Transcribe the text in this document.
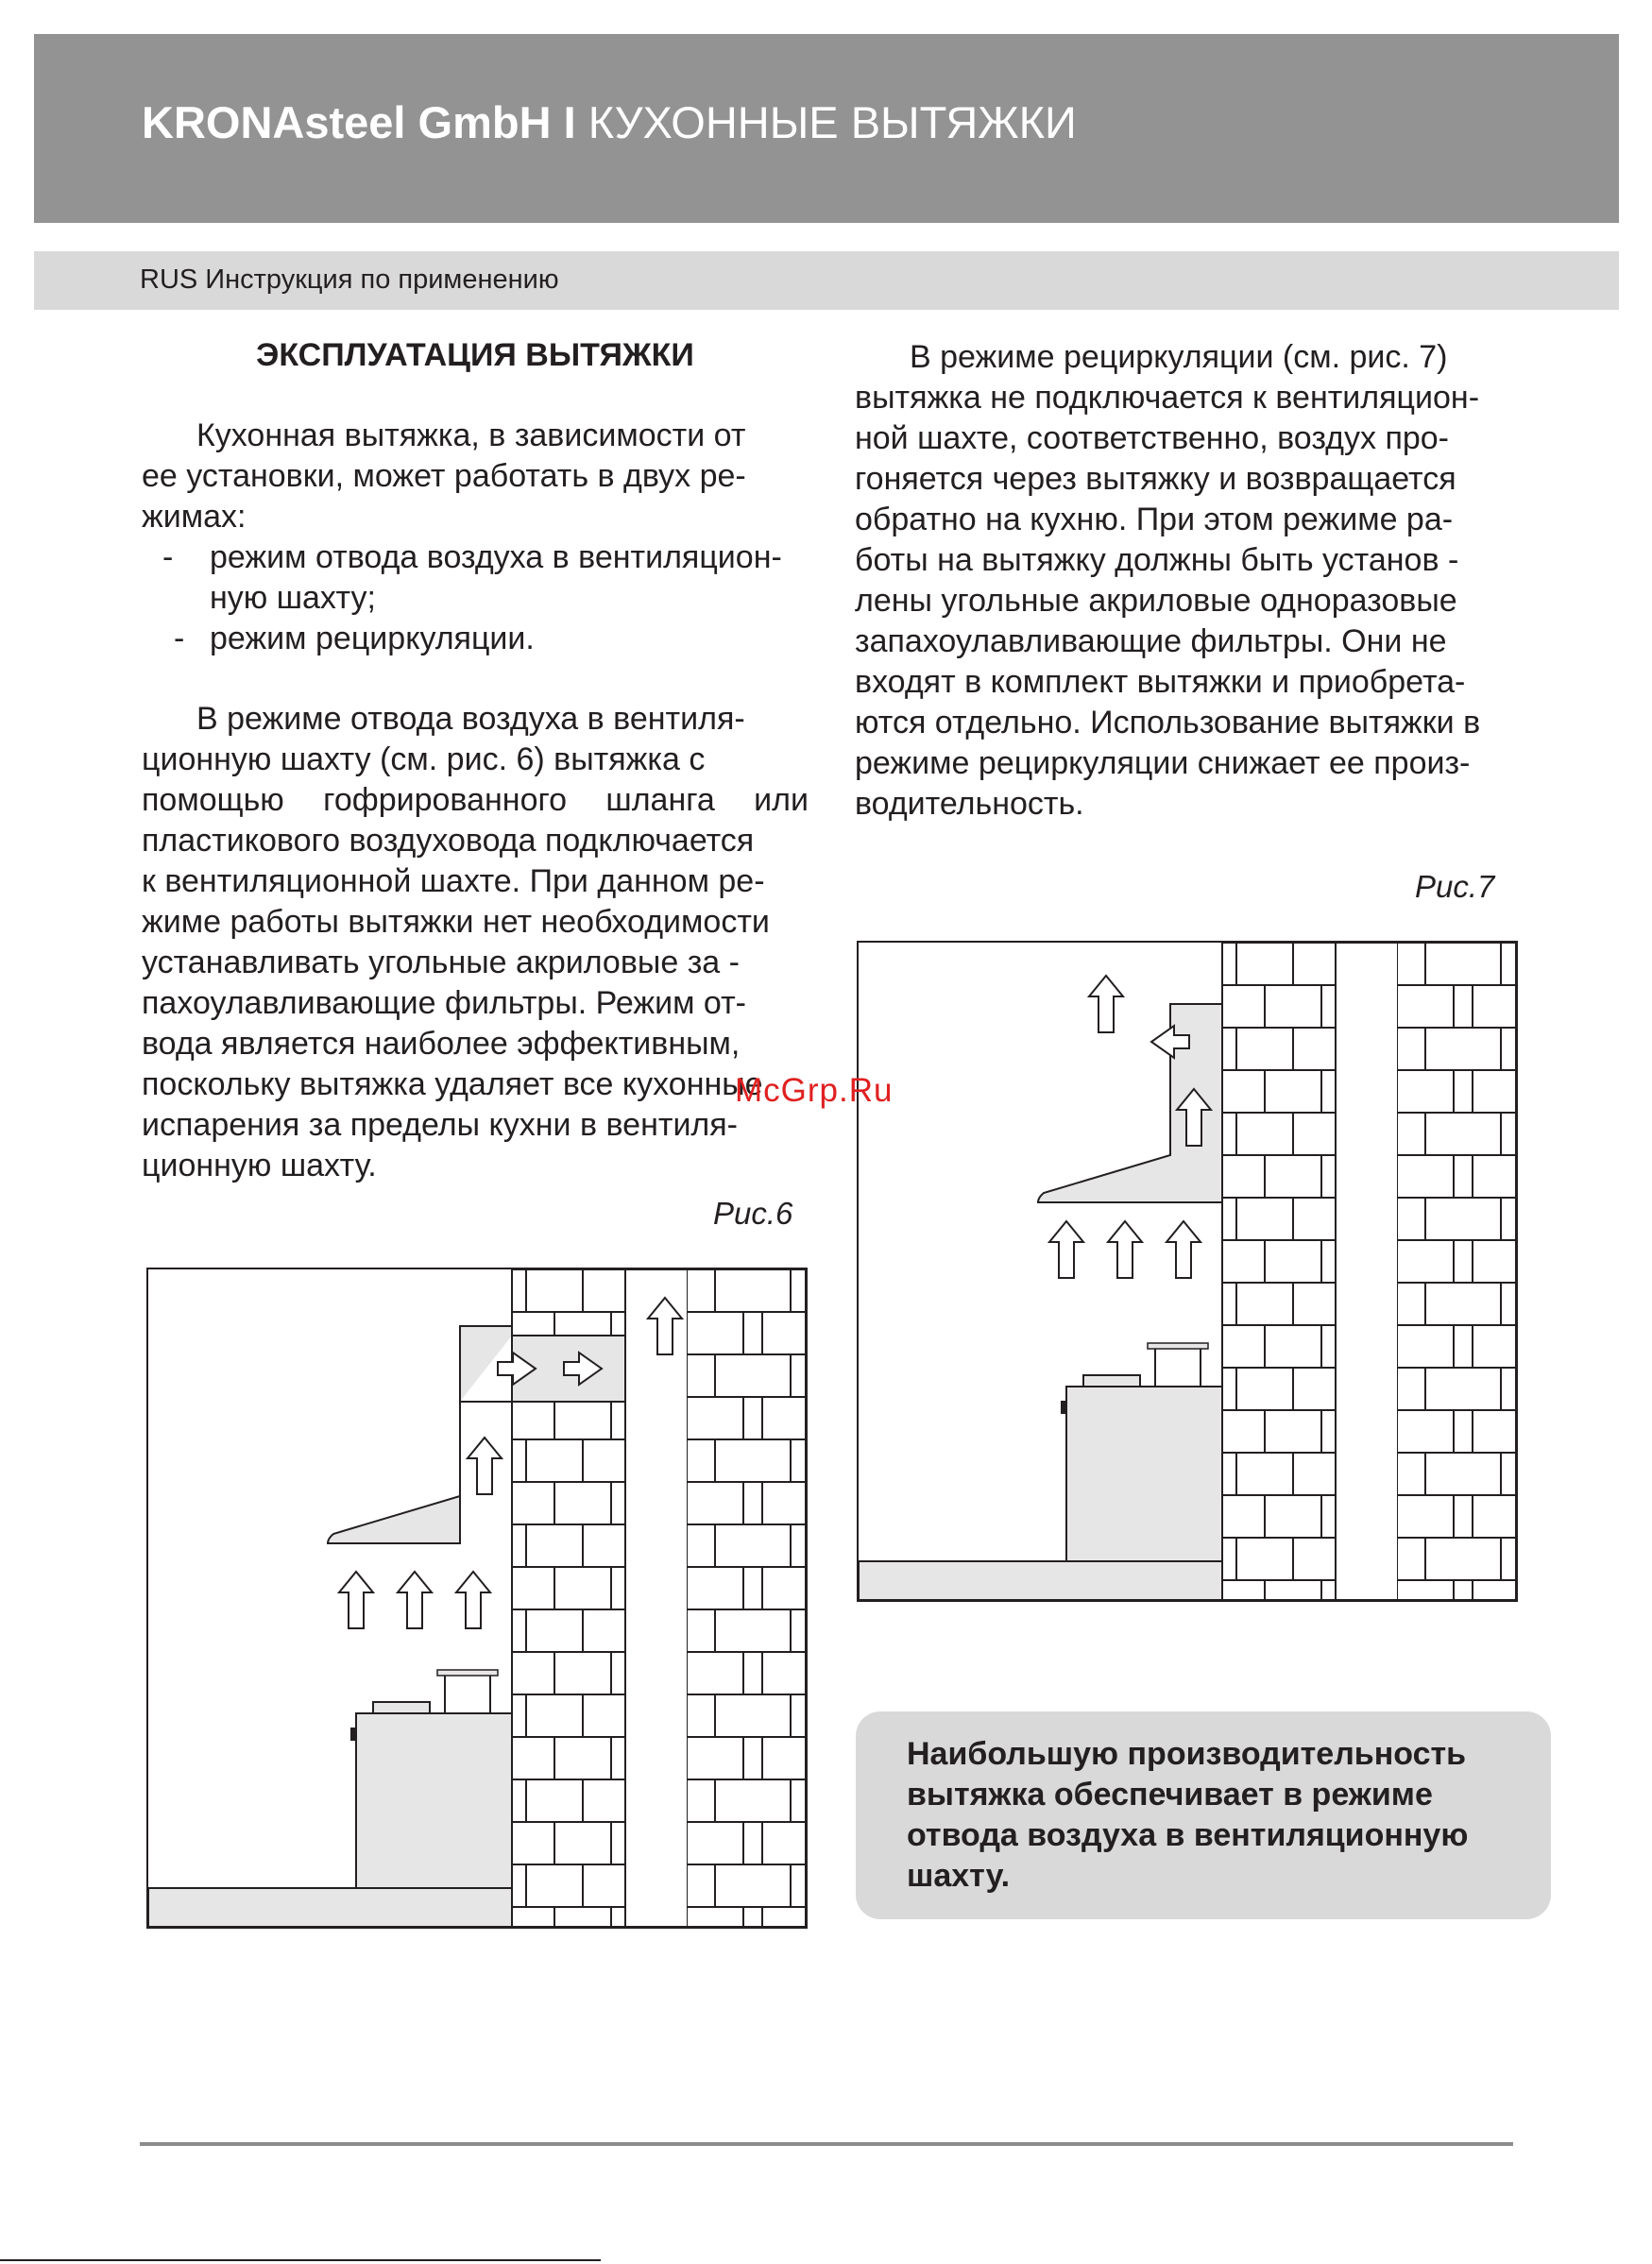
KRONAsteel GmbH I КУХОННЫЕ ВЫТЯЖКИ
RUS Инструкция по применению
ЭКСПЛУАТАЦИЯ ВЫТЯЖКИ

Кухонная вытяжка, в зависимости от

ее установки, может работать в двух ре-

жимах:

-	режим отвода воздуха в вентиляцион-
ную шахту;
- режим рециркуляции.

В режиме отвода воздуха в вентиля-

ционную шахту (см. рис. 6) вытяжка с

помощью гофрированного шланга или

пластикового воздуховода подключается

к вентиляционной шахте. При данном ре-

жиме работы вытяжки нет необходимости

устанавливать угольные акриловые за -

пахоулавливающие фильтры. Режим от-

вода является наиболее эффективным,

поскольку вытяжка удаляет все кухонные

испарения за пределы кухни в вентиля-

ционную шахту.

Рис.6

В режиме рециркуляции (см. рис. 7)

вытяжка не подключается к вентиляцион-

ной шахте, соответственно, воздух про-

гоняется через вытяжку и возвращается

обратно на кухню. При этом режиме ра-

боты на вытяжку должны быть установ -

лены угольные акриловые одноразовые

запахоулавливающие фильтры. Они не

входят в комплект вытяжки и приобрета-

ются отдельно. Использование вытяжки в

режиме рециркуляции снижает ее произ-

водительность.

Рис.7
Наибольшую производительность
вытяжка обеспечивает в режиме
отвода воздуха в вентиляционную
шахту.
McGrp.Ru
